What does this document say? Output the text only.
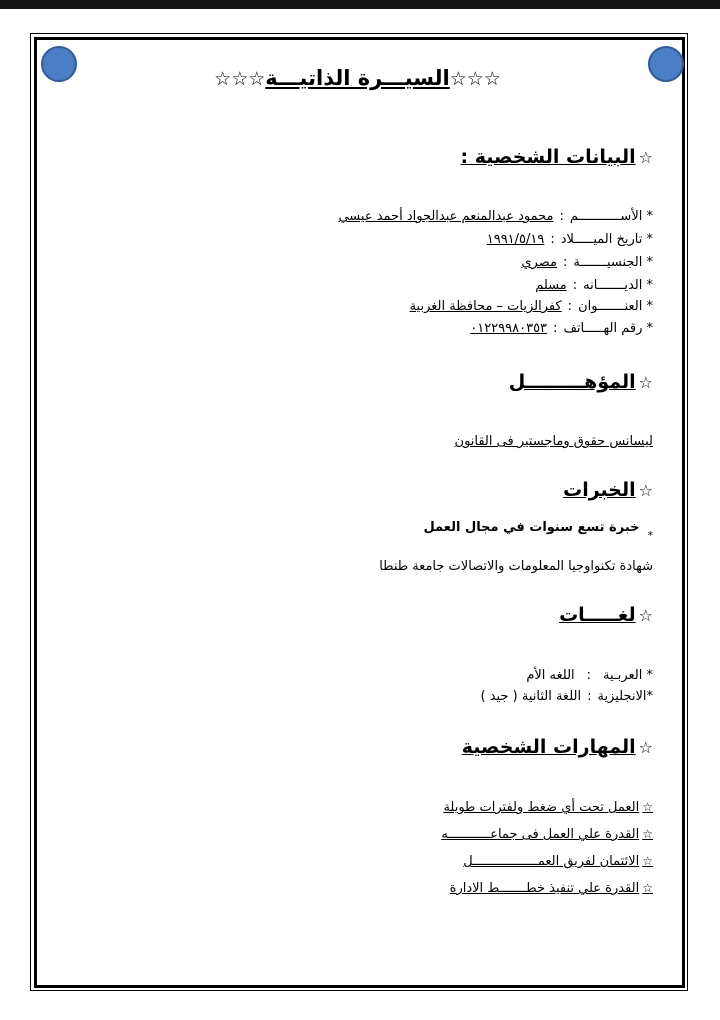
☆☆☆السيـــرة الذاتيـــة☆☆☆
☆البيانات الشخصية :
* الأســـــــــــم:محمود عبدالمنعم عبدالجواد أحمد عيسي
* تاريخ الميـــــلاد:١٩٩١/٥/١٩
* الجنسيـــــــة:مصري
* الديـــــــانه:مسلم
* العنـــــــوان:كفرالزيات – محافظة الغربية
* رقم الهـــــاتف:٠١٢٢٩٩٨٠٣٥٣
☆المؤهـــــــــل
ليسانس حقوق وماجستير فى القانون
☆الخبرات
$_*$خبرة تسع سنوات في مجال العمل
شهادة تكنواوجيا المعلومات والاتصالات جامعة طنطا
☆لغـــــات
* العربـية:اللغه الأم
*الانجليزية:اللغة الثانية ( جيد )
☆المهارات الشخصية
☆العمل تحت أي ضغط ولفترات طويلة
☆القدرة علي العمل فى جماعـــــــــــه
☆الائتمان لفريق العمـــــــــــــــــل
☆القدرة علي تنفيذ خطـــــــط الادارة
